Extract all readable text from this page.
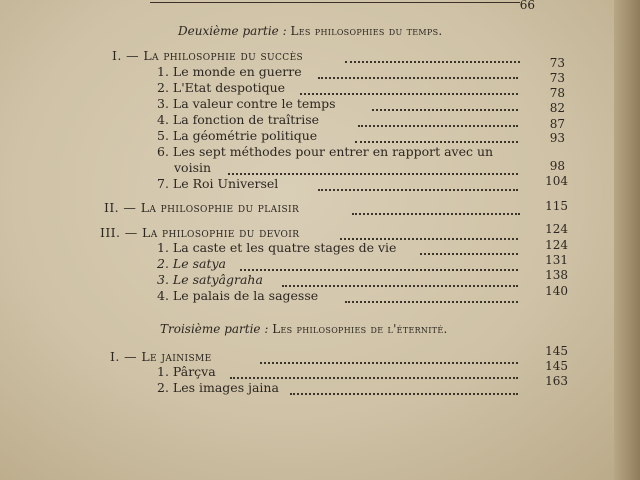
66
Deuxième partie : Les philosophies du temps.
I. — La philosophie du succès	73
1. Le monde en guerre	73
2. L'Etat despotique	78
3. La valeur contre le temps	82
4. La fonction de traîtrise	87
5. La géométrie politique	93
6. Les sept méthodes pour entrer en rapport avec un
voisin	98
7. Le Roi Universel	104
II. — La philosophie du plaisir	115
III. — La philosophie du devoir	124
1. La caste et les quatre stages de vie	124
2. Le satya	131
3. Le satyâgraha	138
4. Le palais de la sagesse	140
Troisième partie : Les philosophies de l'éternité.
I. — Le jainisme	145
1. Pârçva	145
2. Les images jaina	163
